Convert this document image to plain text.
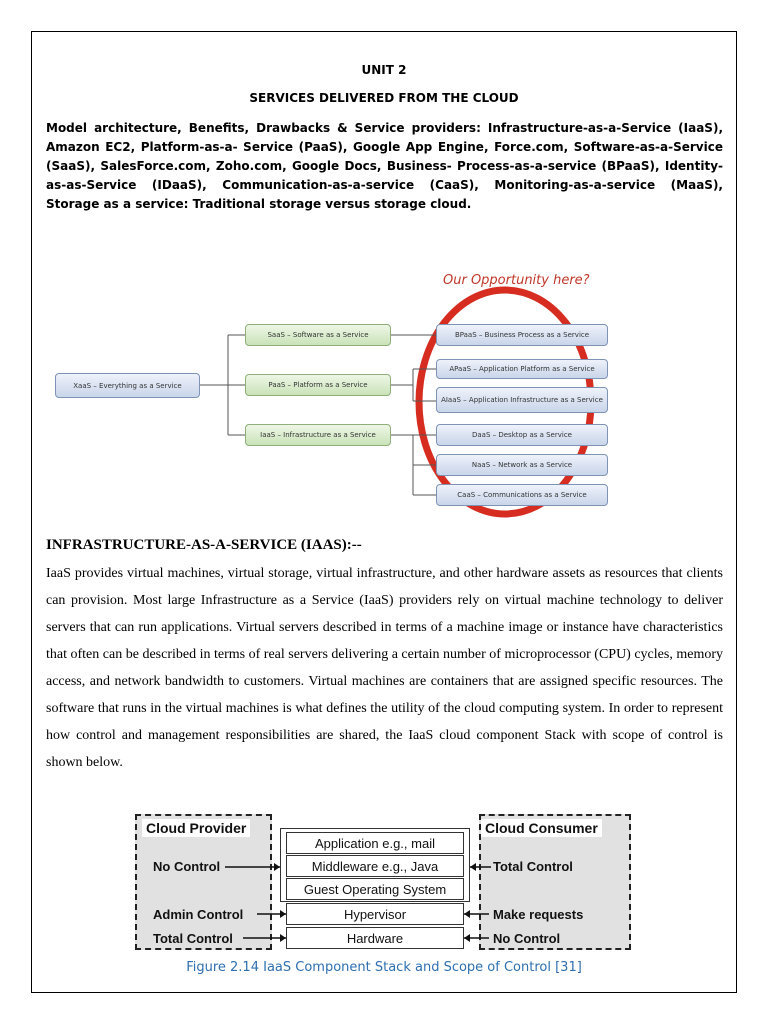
UNIT 2
SERVICES DELIVERED FROM THE CLOUD
Model architecture, Benefits, Drawbacks & Service providers: Infrastructure-as-a-Service (IaaS), Amazon EC2, Platform-as-a- Service (PaaS), Google App Engine, Force.com, Software-as-a-Service (SaaS), SalesForce.com, Zoho.com, Google Docs, Business- Process-as-a-service (BPaaS), Identity-as-as-Service (IDaaS), Communication-as-a-service (CaaS), Monitoring-as-a-service (MaaS), Storage as a service: Traditional storage versus storage cloud.
Our Opportunity here?
XaaS – Everything as a Service
SaaS – Software as a Service
PaaS – Platform as a Service
IaaS – Infrastructure as a Service
BPaaS – Business Process as a Service
APaaS – Application Platform as a Service
AIaaS – Application Infrastructure as a Service
DaaS – Desktop as a Service
NaaS – Network as a Service
CaaS – Communications as a Service
INFRASTRUCTURE-AS-A-SERVICE (IAAS):--
IaaS provides virtual machines, virtual storage, virtual infrastructure, and other hardware assets as resources that clients can provision. Most large Infrastructure as a Service (IaaS) providers rely on virtual machine technology to deliver servers that can run applications. Virtual servers described in terms of a machine image or instance have characteristics that often can be described in terms of real servers delivering a certain number of microprocessor (CPU) cycles, memory access, and network bandwidth to customers. Virtual machines are containers that are assigned specific resources. The software that runs in the virtual machines is what defines the utility of the cloud computing system. In order to represent how control and management responsibilities are shared, the IaaS cloud component Stack with scope of control is shown below.
Cloud Provider	Cloud Consumer
Application e.g., mail
Middleware e.g., Java
Guest Operating System
Hypervisor
Hardware
No Control
Admin Control
Total Control
Total Control
Make requests
No Control
Figure 2.14 IaaS Component Stack and Scope of Control [31]
